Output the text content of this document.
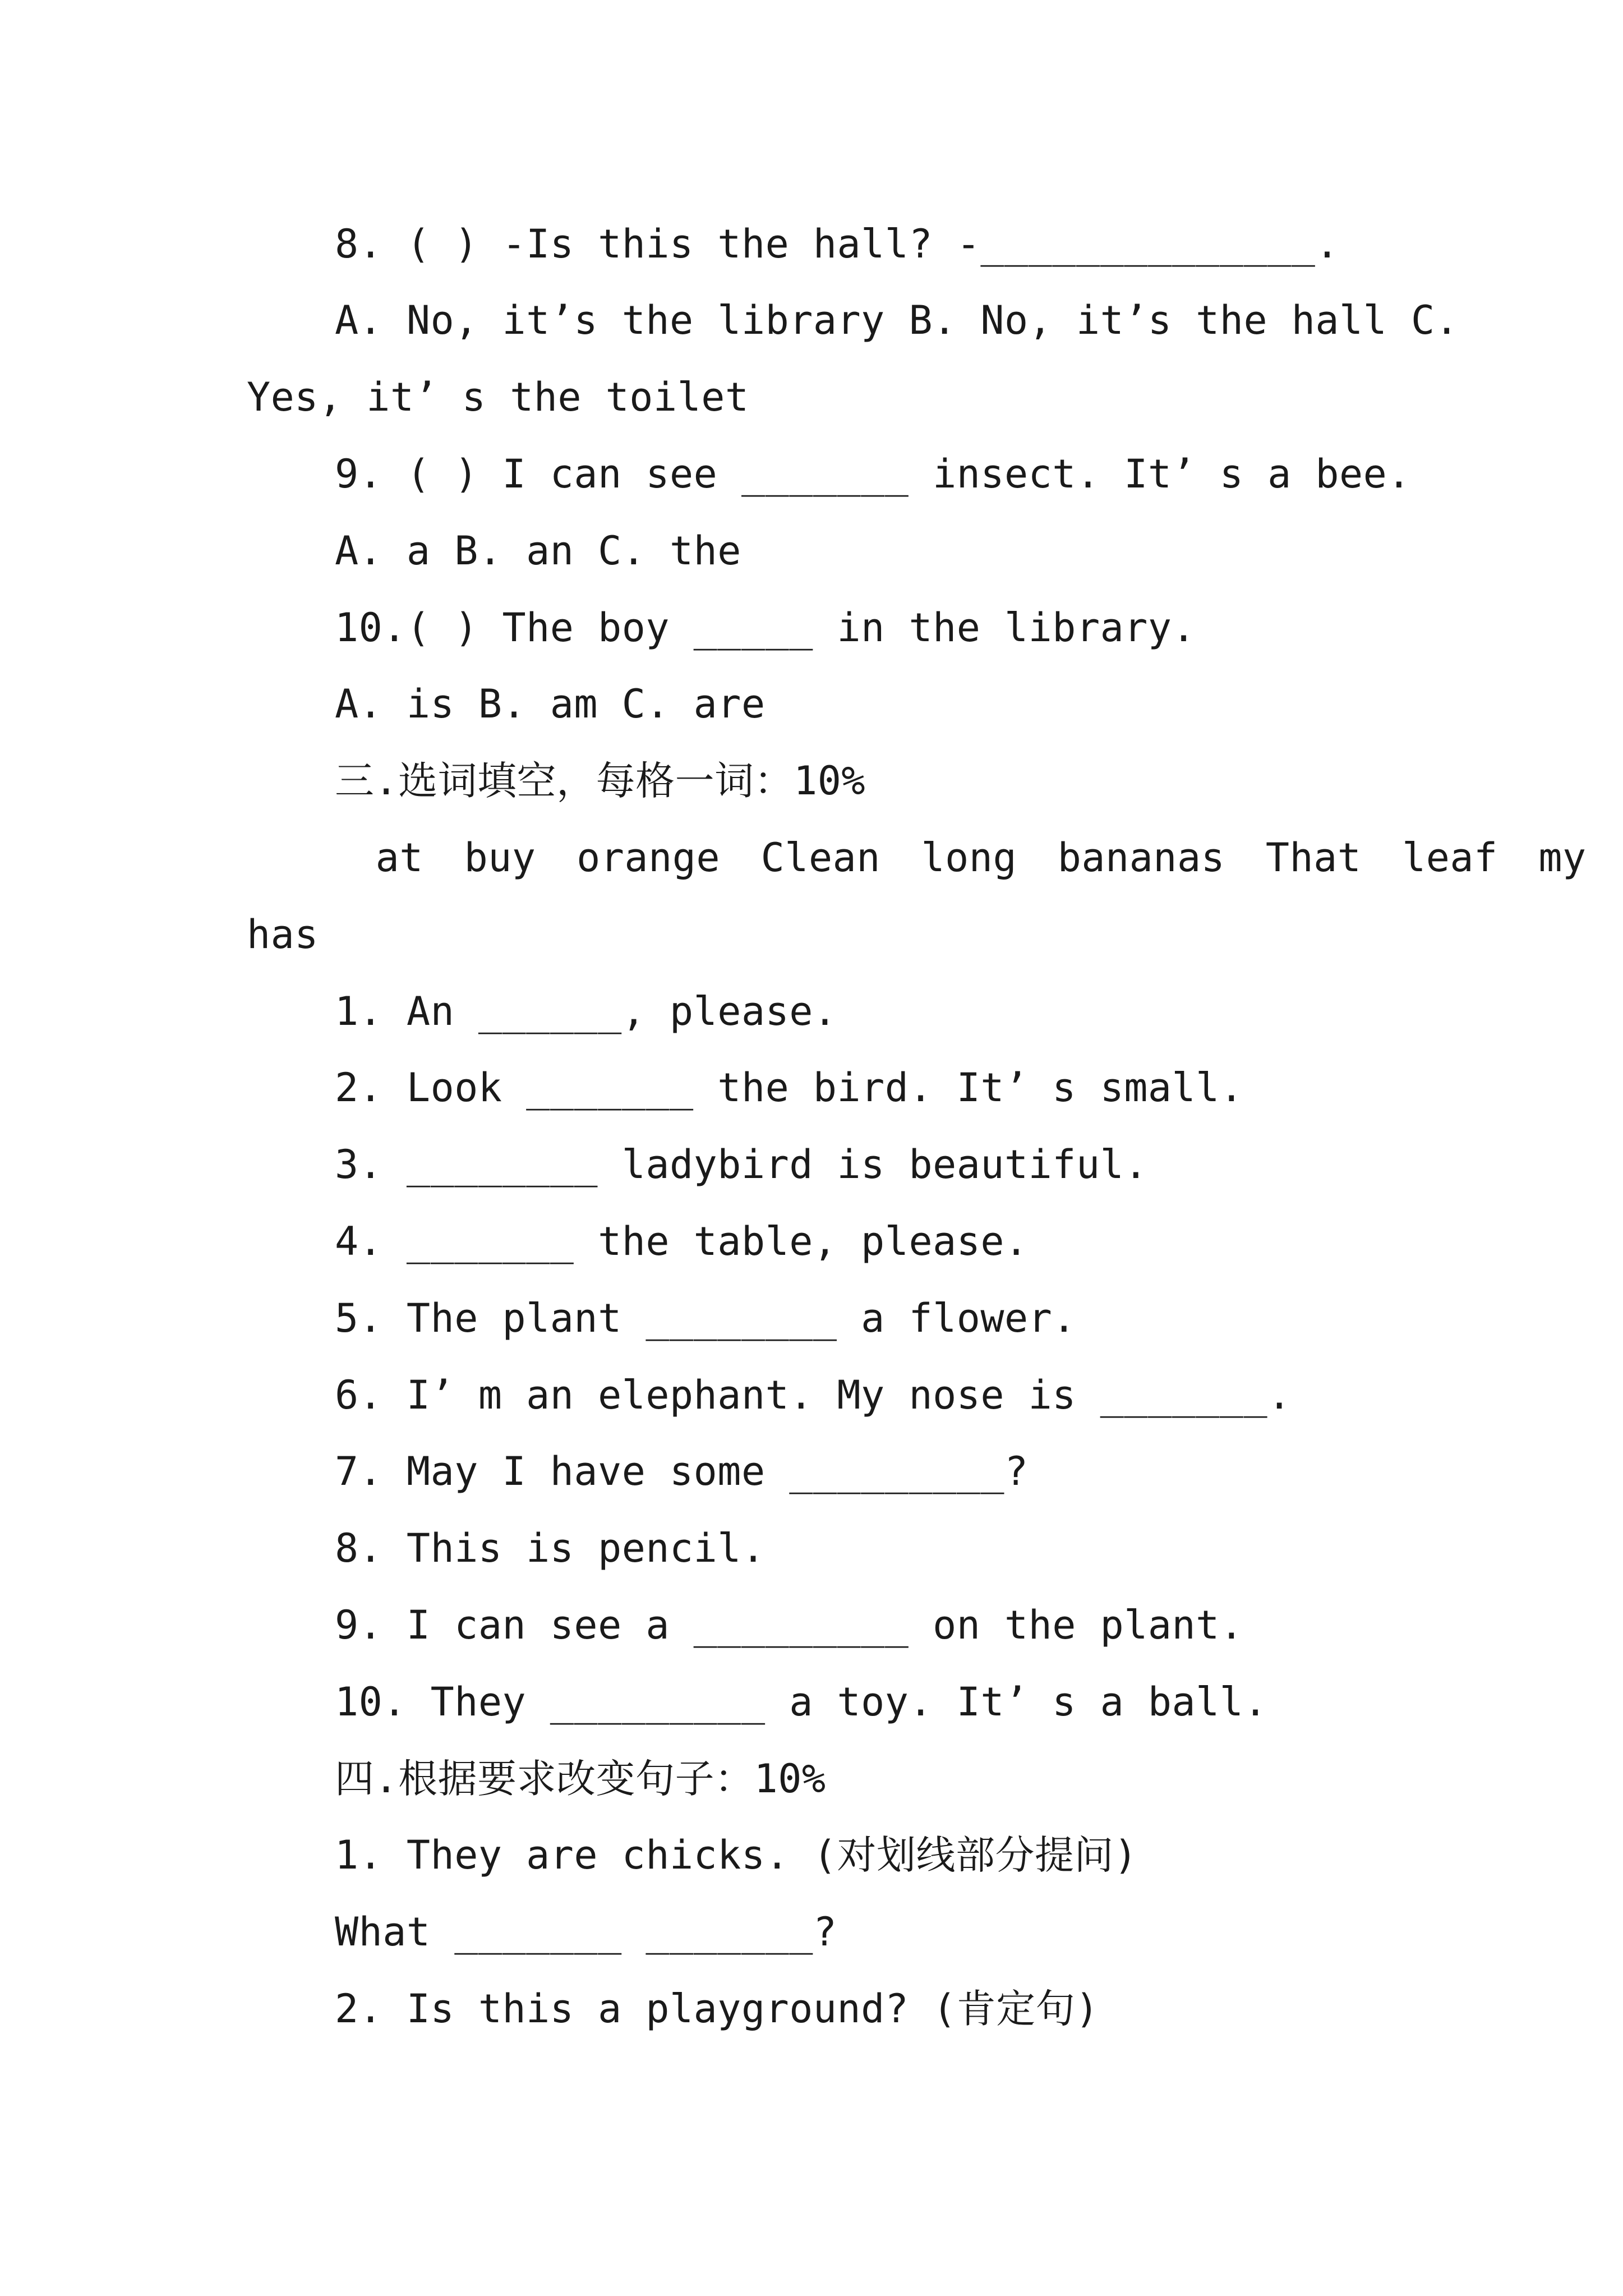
8. ( ) -Is this the hall? -______________.
A. No, it’s the library B. No, it’s the hall C.
Yes, it’ s the toilet
9. ( ) I can see _______ insect. It’ s a bee.
A. a B. an C. the
10.( ) The boy _____ in the library.
A. is B. am C. are
三.选词填空，每格一词：10%
at buy orange Clean long bananas That leaf my
has
1. An ______, please.
2. Look _______ the bird. It’ s small.
3. ________ ladybird is beautiful.
4. _______ the table, please.
5. The plant ________ a flower.
6. I’ m an elephant. My nose is _______.
7. May I have some _________?
8. This is pencil.
9. I can see a _________ on the plant.
10. They _________ a toy. It’ s a ball.
四.根据要求改变句子：10%
1. They are chicks. (对划线部分提问)
What _______ _______?
2. Is this a playground? (肯定句)
